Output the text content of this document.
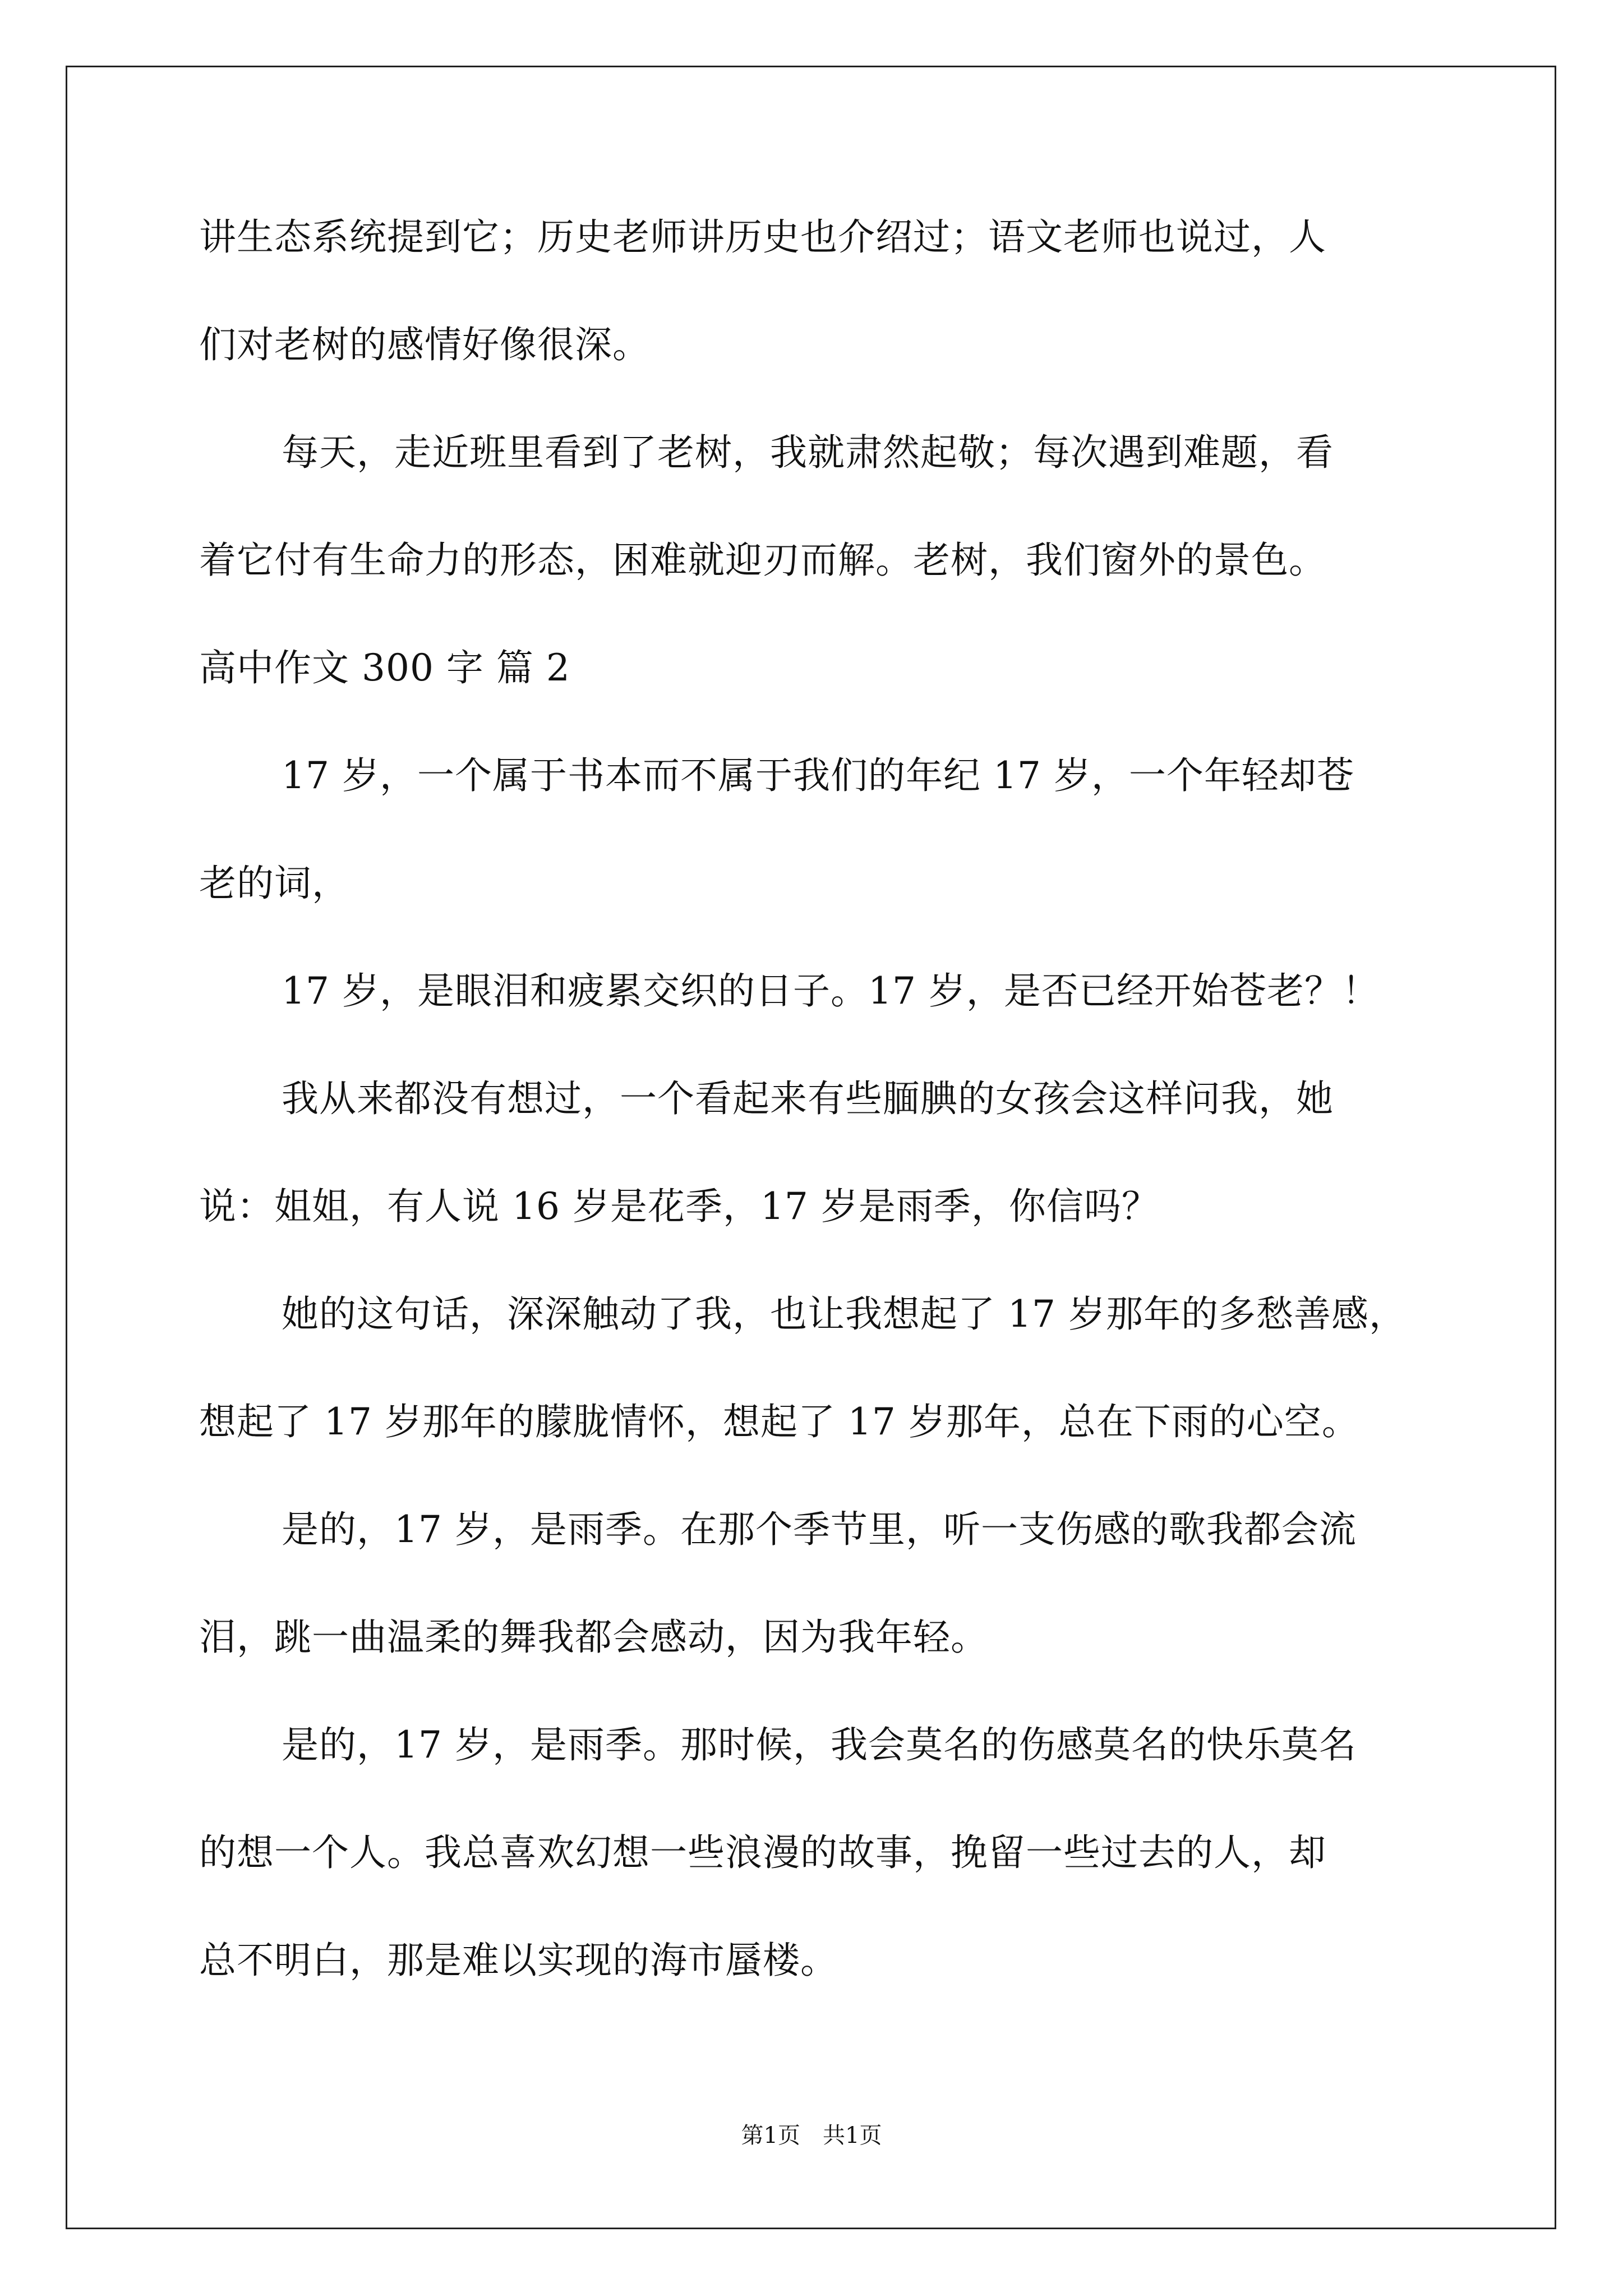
讲生态系统提到它；历史老师讲历史也介绍过；语文老师也说过，人
们对老树的感情好像很深。
每天，走近班里看到了老树，我就肃然起敬；每次遇到难题，看
着它付有生命力的形态，困难就迎刃而解。老树，我们窗外的景色。
高中作文 300 字 篇 2
17 岁，一个属于书本而不属于我们的年纪 17 岁，一个年轻却苍
老的词，
17 岁，是眼泪和疲累交织的日子。17 岁，是否已经开始苍老？！
我从来都没有想过，一个看起来有些腼腆的女孩会这样问我，她
说：姐姐，有人说 16 岁是花季，17 岁是雨季，你信吗？
她的这句话，深深触动了我，也让我想起了 17 岁那年的多愁善感，
想起了 17 岁那年的朦胧情怀，想起了 17 岁那年，总在下雨的心空。
是的，17 岁，是雨季。在那个季节里，听一支伤感的歌我都会流
泪，跳一曲温柔的舞我都会感动，因为我年轻。
是的，17 岁，是雨季。那时候，我会莫名的伤感莫名的快乐莫名
的想一个人。我总喜欢幻想一些浪漫的故事，挽留一些过去的人，却
总不明白，那是难以实现的海市蜃楼。
第1页 共1页
